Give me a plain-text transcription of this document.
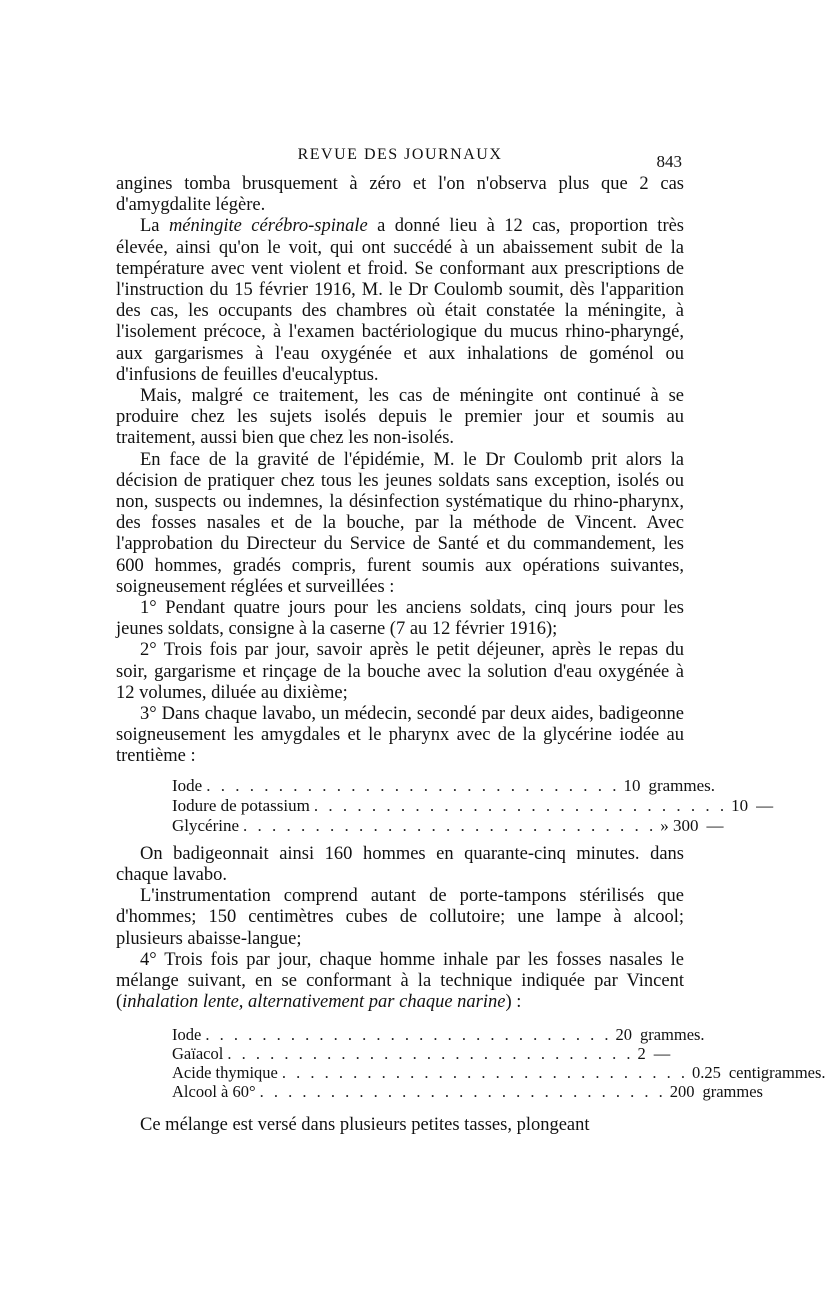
REVUE DES JOURNAUX	843

angines tomba brusquement à zéro et l'on n'observa plus que 2 cas d'amygdalite légère.

La méningite cérébro-spinale a donné lieu à 12 cas, proportion très élevée, ainsi qu'on le voit, qui ont succédé à un abaissement subit de la température avec vent violent et froid. Se conformant aux prescriptions de l'instruction du 15 février 1916, M. le Dr Coulomb soumit, dès l'apparition des cas, les occupants des chambres où était constatée la méningite, à l'isolement précoce, à l'examen bactériologique du mucus rhino-pharyngé, aux gargarismes à l'eau oxygénée et aux inhalations de goménol ou d'infusions de feuilles d'eucalyptus.

Mais, malgré ce traitement, les cas de méningite ont continué à se produire chez les sujets isolés depuis le premier jour et soumis au traitement, aussi bien que chez les non-isolés.

En face de la gravité de l'épidémie, M. le Dr Coulomb prit alors la décision de pratiquer chez tous les jeunes soldats sans exception, isolés ou non, suspects ou indemnes, la désinfection systématique du rhino-pharynx, des fosses nasales et de la bouche, par la méthode de Vincent. Avec l'approbation du Directeur du Service de Santé et du commandement, les 600 hommes, gradés compris, furent soumis aux opérations suivantes, soigneusement réglées et surveillées :

1° Pendant quatre jours pour les anciens soldats, cinq jours pour les jeunes soldats, consigne à la caserne (7 au 12 février 1916);

2° Trois fois par jour, savoir après le petit déjeuner, après le repas du soir, gargarisme et rinçage de la bouche avec la solution d'eau oxygénée à 12 volumes, diluée au dixième;

3° Dans chaque lavabo, un médecin, secondé par deux aides, badigeonne soigneusement les amygdales et le pharynx avec de la glycérine iodée au trentième :

Iode . . . . . . . . . . . . . . . . . . . . . . . . . . . . . 10 grammes.
Iodure de potassium . . . . . . . . . . . . . . . . . . . . . . . . . . . . . 10 —
Glycérine . . . . . . . . . . . . . . . . . . . . . . . . . . . . . » 300 —

On badigeonnait ainsi 160 hommes en quarante-cinq minutes. dans chaque lavabo.

L'instrumentation comprend autant de porte-tampons stérilisés que d'hommes; 150 centimètres cubes de collutoire; une lampe à alcool; plusieurs abaisse-langue;

4° Trois fois par jour, chaque homme inhale par les fosses nasales le mélange suivant, en se conformant à la technique indiquée par Vincent (inhalation lente, alternativement par chaque narine) :

Iode . . . . . . . . . . . . . . . . . . . . . . . . . . . . . 20 grammes.
Gaïacol . . . . . . . . . . . . . . . . . . . . . . . . . . . . . 2 —
Acide thymique . . . . . . . . . . . . . . . . . . . . . . . . . . . . . 0.25 centigrammes.
Alcool à 60° . . . . . . . . . . . . . . . . . . . . . . . . . . . . . 200 grammes

Ce mélange est versé dans plusieurs petites tasses, plongeant
